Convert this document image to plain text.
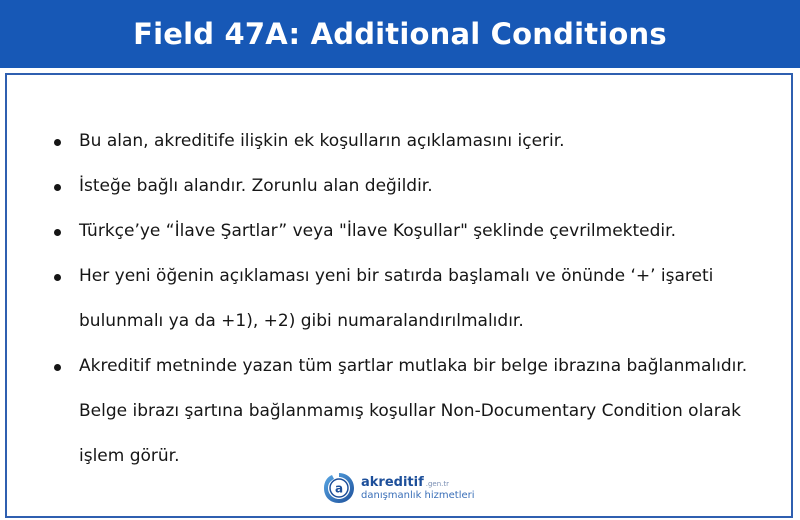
Field 47A: Additional Conditions
Bu alan, akreditife ilişkin ek koşulların açıklamasını içerir.
İsteğe bağlı alandır. Zorunlu alan değildir.
Türkçe’ye “İlave Şartlar” veya "İlave Koşullar" şeklinde çevrilmektedir.
Her yeni öğenin açıklaması yeni bir satırda başlamalı ve önünde ‘+’ işareti bulunmalı ya da +1), +2) gibi numaralandırılmalıdır.
Akreditif metninde yazan tüm şartlar mutlaka bir belge ibrazına bağlanmalıdır. Belge ibrazı şartına bağlanmamış koşullar Non-Documentary Condition olarak işlem görür.
a akreditif .gen.tr
danışmanlık hizmetleri
